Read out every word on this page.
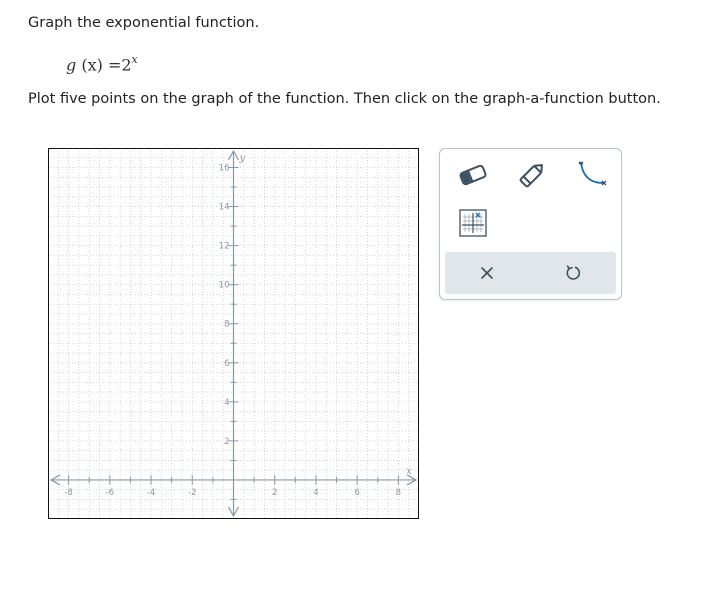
Graph the exponential function.
g $(x) =2^x$
Plot five points on the graph of the function. Then click on the graph-a-function button.
-8	-6	-4	-2	2	4	6	8
2
4
6
8
10
12
14
16
x
y
